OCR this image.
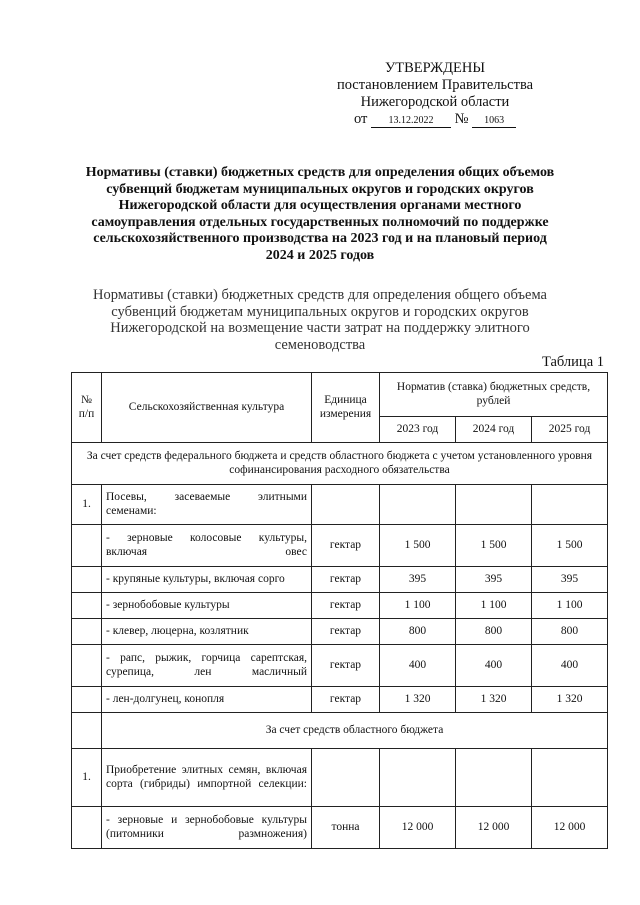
УТВЕРЖДЕНЫ
постановлением Правительства
Нижегородской области
от 13.12.2022 № 1063
Нормативы (ставки) бюджетных средств для определения общих объемов субвенций бюджетам муниципальных округов и городских округов Нижегородской области для осуществления органами местного самоуправления отдельных государственных полномочий по поддержке сельскохозяйственного производства на 2023 год и на плановый период 2024 и 2025 годов
Нормативы (ставки) бюджетных средств для определения общего объема субвенций бюджетам муниципальных округов и городских округов Нижегородской на возмещение части затрат на поддержку элитного семеноводства
Таблица 1
№ п/п	Сельскохозяйственная культура	Единица измерения	Норматив (ставка) бюджетных средств, рублей		
			2023 год	2024 год	2025 год
За счет средств федерального бюджета и средств областного бюджета с учетом установленного уровня софинансирования расходного обязательства					
1.	Посевы, засеваемые элитными семенами:				
	- зерновые колосовые культуры, включая овес	гектар	1 500	1 500	1 500
	- крупяные культуры, включая сорго	гектар	395	395	395
	- зернобобовые культуры	гектар	1 100	1 100	1 100
	- клевер, люцерна, козлятник	гектар	800	800	800
	- рапс, рыжик, горчица сарептская, сурепица, лен масличный	гектар	400	400	400
	- лен-долгунец, конопля	гектар	1 320	1 320	1 320
	За счет средств областного бюджета				
1.	Приобретение элитных семян, включая сорта (гибриды) импортной селекции:				
	- зерновые и зернобобовые культуры (питомники размножения)	тонна	12 000	12 000	12 000
